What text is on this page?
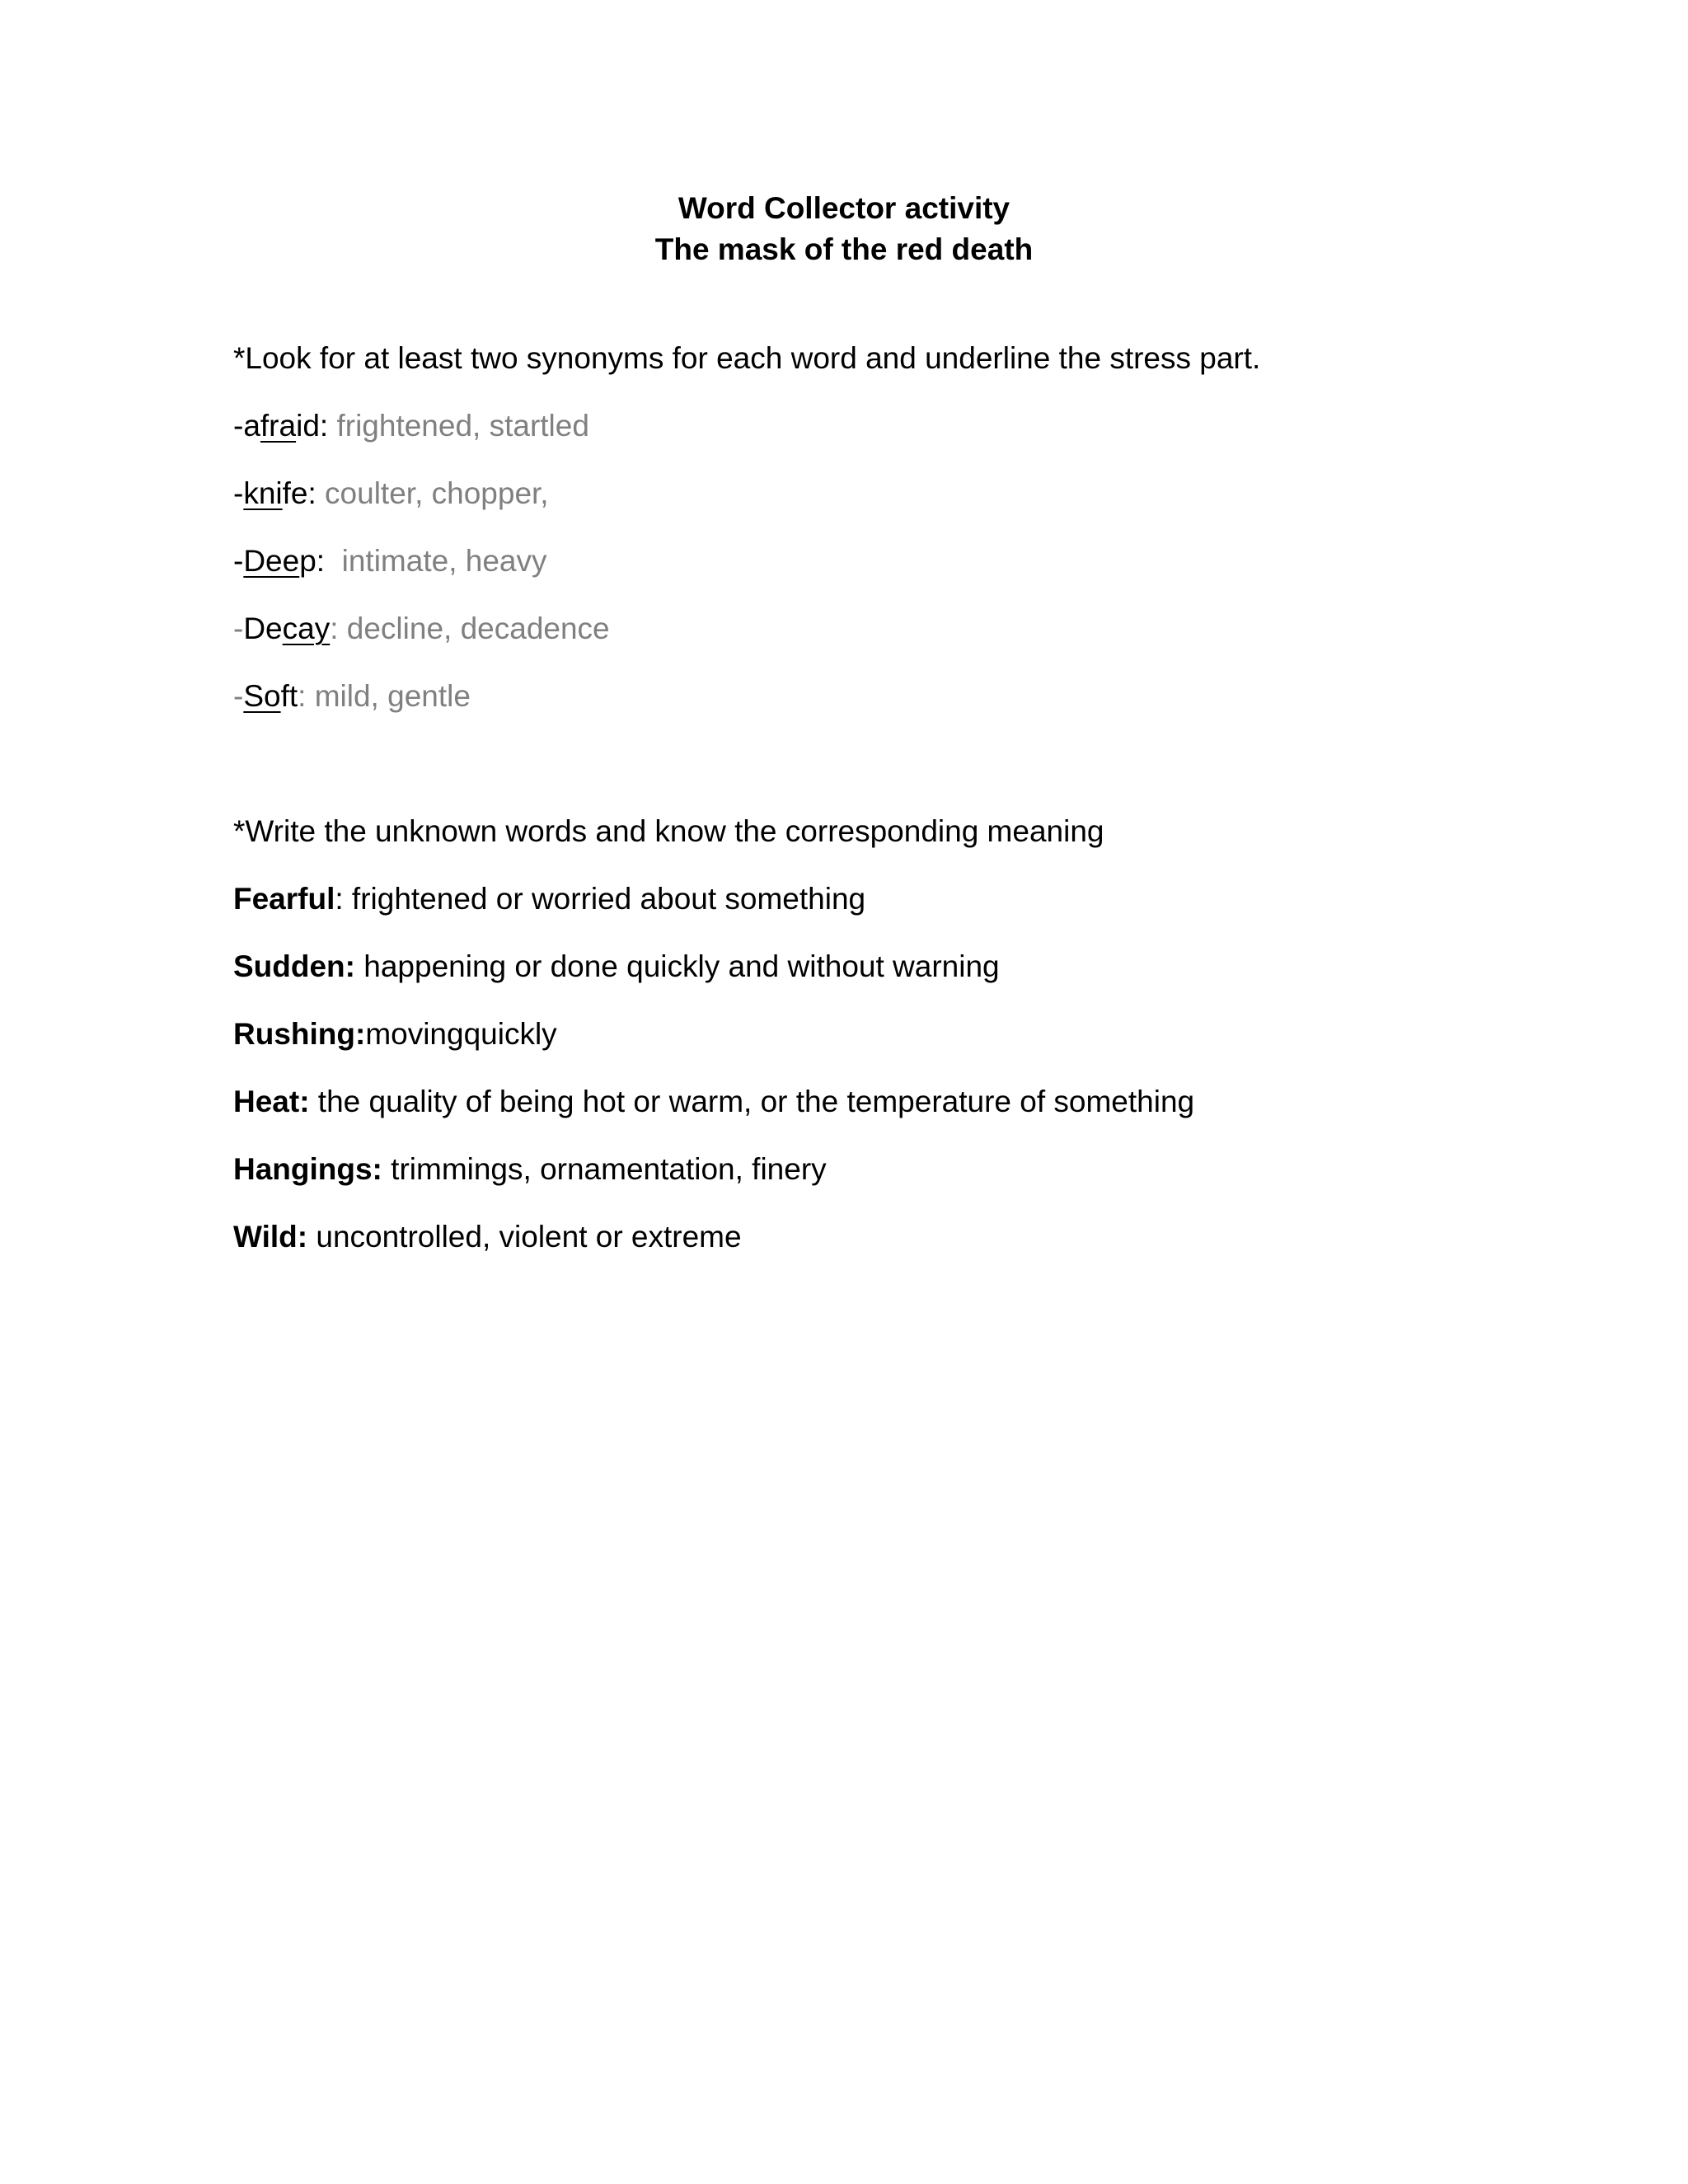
Word Collector activity
The mask of the red death
*Look for at least two synonyms for each word and underline the stress part.
-afraid: frightened, startled
-knife: coulter, chopper,
-Deep:  intimate, heavy
-Decay: decline, decadence
-Soft: mild, gentle
*Write the unknown words and know the corresponding meaning
Fearful: frightened or worried about something
Sudden: happening or done quickly and without warning
Rushing:movingquickly
Heat: the quality of being hot or warm, or the temperature of something
Hangings: trimmings, ornamentation, finery
Wild: uncontrolled, violent or extreme
